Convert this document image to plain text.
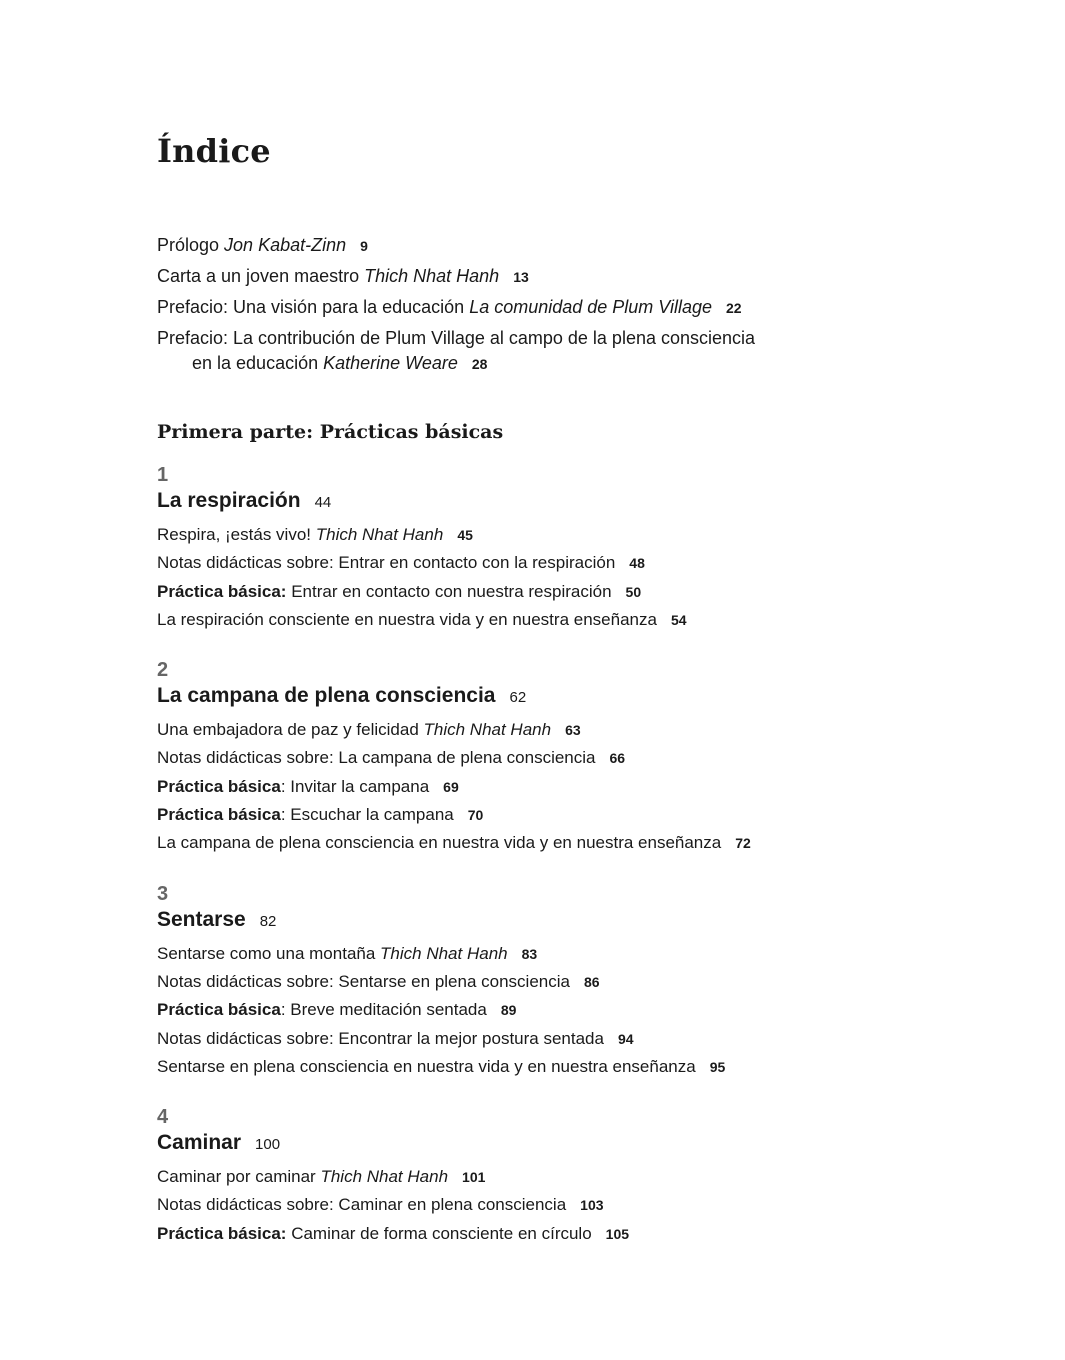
Índice
Prólogo Jon Kabat-Zinn 9
Carta a un joven maestro Thich Nhat Hanh 13
Prefacio: Una visión para la educación La comunidad de Plum Village 22
Prefacio: La contribución de Plum Village al campo de la plena consciencia
en la educación Katherine Weare 28
Primera parte: Prácticas básicas
1
La respiración 44
Respira, ¡estás vivo! Thich Nhat Hanh 45
Notas didácticas sobre: Entrar en contacto con la respiración 48
Práctica básica: Entrar en contacto con nuestra respiración 50
La respiración consciente en nuestra vida y en nuestra enseñanza 54
2
La campana de plena consciencia 62
Una embajadora de paz y felicidad Thich Nhat Hanh 63
Notas didácticas sobre: La campana de plena consciencia 66
Práctica básica: Invitar la campana 69
Práctica básica: Escuchar la campana 70
La campana de plena consciencia en nuestra vida y en nuestra enseñanza 72
3
Sentarse 82
Sentarse como una montaña Thich Nhat Hanh 83
Notas didácticas sobre: Sentarse en plena consciencia 86
Práctica básica: Breve meditación sentada 89
Notas didácticas sobre: Encontrar la mejor postura sentada 94
Sentarse en plena consciencia en nuestra vida y en nuestra enseñanza 95
4
Caminar 100
Caminar por caminar Thich Nhat Hanh 101
Notas didácticas sobre: Caminar en plena consciencia 103
Práctica básica: Caminar de forma consciente en círculo 105
